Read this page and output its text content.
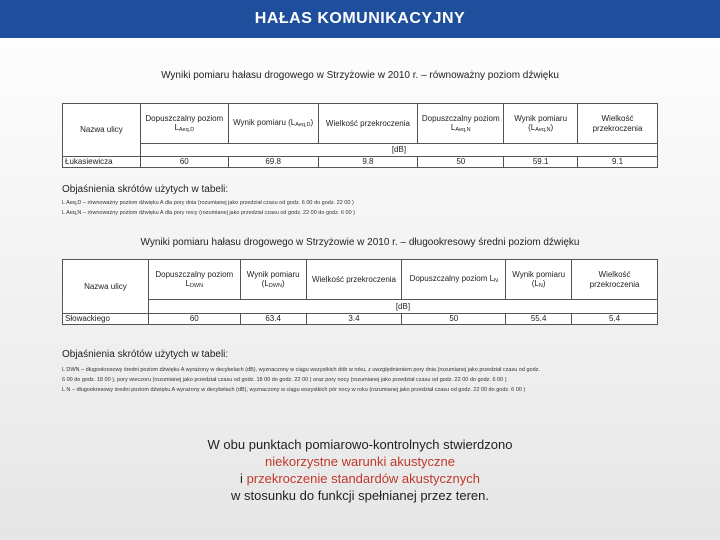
HAŁAS KOMUNIKACYJNY
Wyniki pomiaru hałasu drogowego w Strzyżowie w 2010 r. – równoważny poziom dźwięku
Nazwa ulicy	Dopuszczalny poziom LAeq,D	Wynik pomiaru (LAeq,D)	Wielkość przekroczenia	Dopuszczalny poziom LAeq,N	Wynik pomiaru (LAeq,N)	Wielkość przekroczenia
	[dB]					
Łukasiewicza	60	69.8	9.8	50	59.1	9.1
Objaśnienia skrótów użytych w tabeli:
L Aeq,D – równoważny poziom dźwięku A dla pory dnia (rozumianej jako przedział czasu od godz. 6 00 do godz. 22 00 )
L Aeq,N – równoważny poziom dźwięku A dla pory nocy (rozumianej jako przedział czasu od godz. 22 00 do godz. 6 00 )
Wyniki pomiaru hałasu drogowego w Strzyżowie w 2010 r. – długookresowy średni poziom dźwięku
Nazwa ulicy	Dopuszczalny poziom LDWN	Wynik pomiaru (LDWN)	Wielkość przekroczenia	Dopuszczalny poziom LN	Wynik pomiaru (LN)	Wielkość przekroczenia
	[dB]					
Słowackiego	60	63.4	3.4	50	55.4	5.4
Objaśnienia skrótów użytych w tabeli:
L DWN – długookresowy średni poziom dźwięku A wyrażony w decybelach (dB), wyznaczony w ciągu wszystkich dób w roku, z uwzględnieniem pory dnia (rozumianej jako przedział czasu od godz.
6 00 do godz. 18 00 ), pory wieczoru (rozumianej jako przedział czasu od godz. 18 00 do godz. 22 00 ) oraz pory nocy (rozumianej jako przedział czasu od godz. 22 00 do godz. 6 00 )
L N – długookresowy średni poziom dźwięku A wyrażony w decybelach (dB), wyznaczony w ciągu wszystkich pór nocy w roku (rozumianej jako przedział czasu od godz. 22 00 do godz. 6 00 )
W obu punktach pomiarowo-kontrolnych stwierdzono
niekorzystne warunki akustyczne
i przekroczenie standardów akustycznych
w stosunku do funkcji spełnianej przez teren.
